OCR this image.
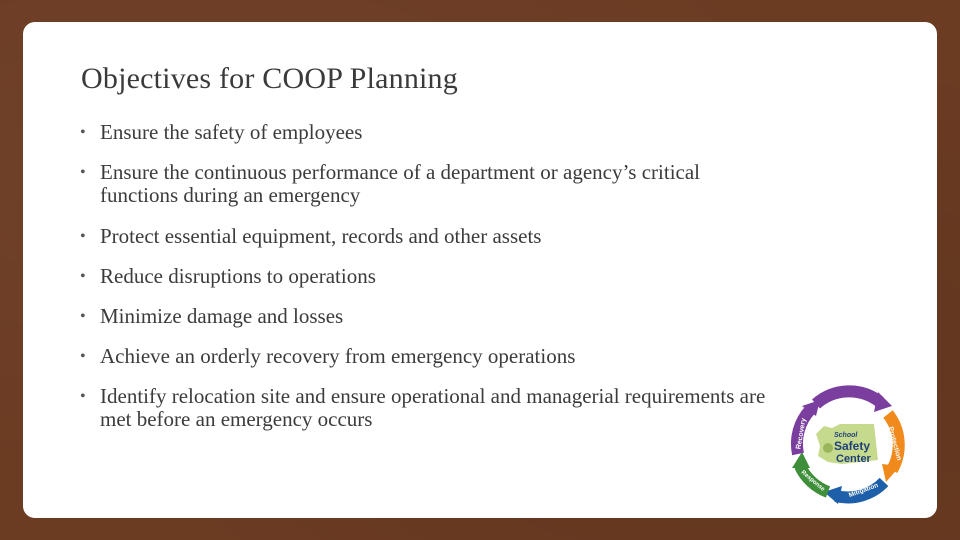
Objectives for COOP Planning
• Ensure the safety of employees
• Ensure the continuous performance of a department or agency’s critical functions during an emergency
• Protect essential equipment, records and other assets
• Reduce disruptions to operations
• Minimize damage and losses
• Achieve an orderly recovery from emergency operations
• Identify relocation site and ensure operational and managerial requirements are met before an emergency occurs	Prevention
Protection
Mitigation
Response
Recovery	School
Safety
Center
